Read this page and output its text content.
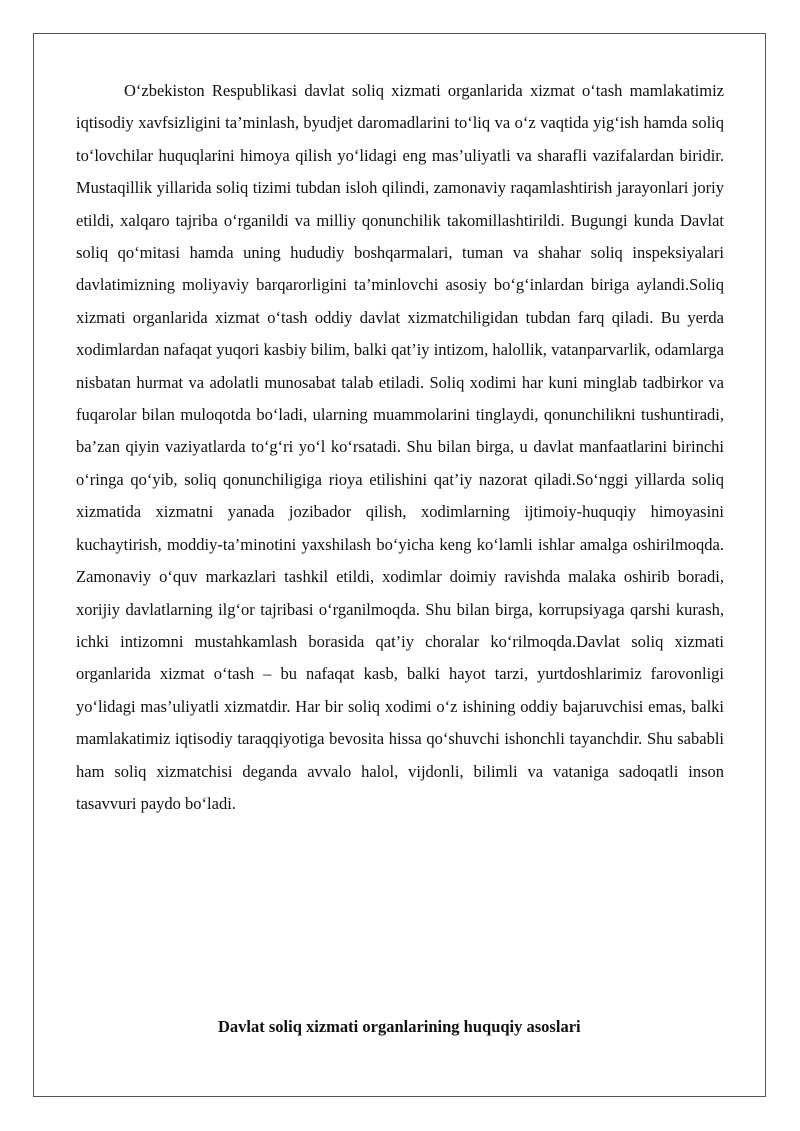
O‘zbekiston Respublikasi davlat soliq xizmati organlarida xizmat o‘tash mamlakatimiz iqtisodiy xavfsizligini ta’minlash, byudjet daromadlarini to‘liq va o‘z vaqtida yig‘ish hamda soliq to‘lovchilar huquqlarini himoya qilish yo‘lidagi eng mas’uliyatli va sharafli vazifalardan biridir. Mustaqillik yillarida soliq tizimi tubdan isloh qilindi, zamonaviy raqamlashtirish jarayonlari joriy etildi, xalqaro tajriba o‘rganildi va milliy qonunchilik takomillashtirildi. Bugungi kunda Davlat soliq qo‘mitasi hamda uning hududiy boshqarmalari, tuman va shahar soliq inspeksiyalari davlatimizning moliyaviy barqarorligini ta’minlovchi asosiy bo‘g‘inlardan biriga aylandi.Soliq xizmati organlarida xizmat o‘tash oddiy davlat xizmatchiligidan tubdan farq qiladi. Bu yerda xodimlardan nafaqat yuqori kasbiy bilim, balki qat’iy intizom, halollik, vatanparvarlik, odamlarga nisbatan hurmat va adolatli munosabat talab etiladi. Soliq xodimi har kuni minglab tadbirkor va fuqarolar bilan muloqotda bo‘ladi, ularning muammolarini tinglaydi, qonunchilikni tushuntiradi, ba’zan qiyin vaziyatlarda to‘g‘ri yo‘l ko‘rsatadi. Shu bilan birga, u davlat manfaatlarini birinchi o‘ringa qo‘yib, soliq qonunchiligiga rioya etilishini qat’iy nazorat qiladi.So‘nggi yillarda soliq xizmatida xizmatni yanada jozibador qilish, xodimlarning ijtimoiy-huquqiy himoyasini kuchaytirish, moddiy-ta’minotini yaxshilash bo‘yicha keng ko‘lamli ishlar amalga oshirilmoqda. Zamonaviy o‘quv markazlari tashkil etildi, xodimlar doimiy ravishda malaka oshirib boradi, xorijiy davlatlarning ilg‘or tajribasi o‘rganilmoqda. Shu bilan birga, korrupsiyaga qarshi kurash, ichki intizomni mustahkamlash borasida qat’iy choralar ko‘rilmoqda.Davlat soliq xizmati organlarida xizmat o‘tash – bu nafaqat kasb, balki hayot tarzi, yurtdoshlarimiz farovonligi yo‘lidagi mas’uliyatli xizmatdir. Har bir soliq xodimi o‘z ishining oddiy bajaruvchisi emas, balki mamlakatimiz iqtisodiy taraqqiyotiga bevosita hissa qo‘shuvchi ishonchli tayanchdir. Shu sababli ham soliq xizmatchisi deganda avvalo halol, vijdonli, bilimli va vataniga sadoqatli inson tasavvuri paydo bo‘ladi.

Davlat soliq xizmati organlarining huquqiy asoslari
